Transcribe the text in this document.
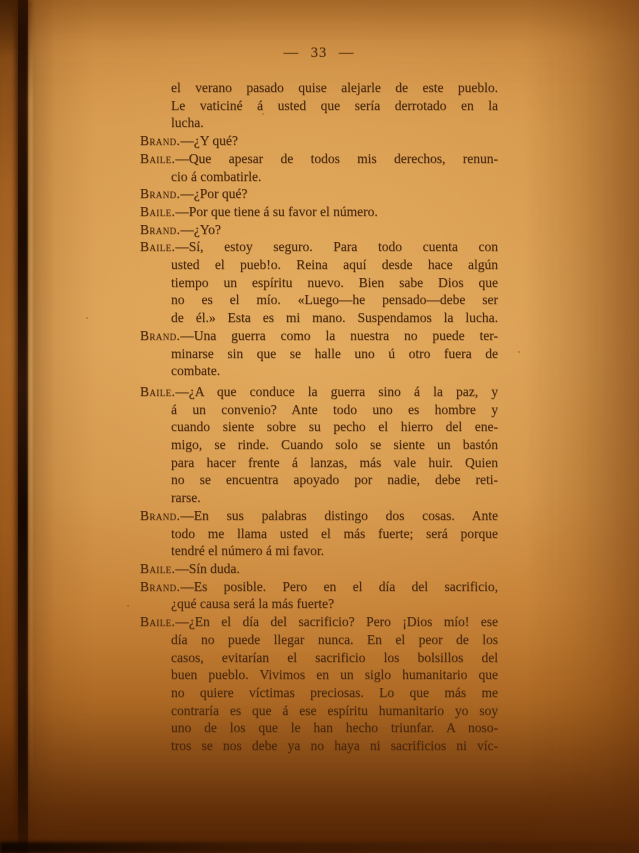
— 33 —
el verano pasado quise alejarle de este pueblo.
Le vaticiné á usted que sería derrotado en la
lucha.
Brand.—¿Y qué?
Baile.—Que apesar de todos mis derechos, renun-
cio á combatirle.
Brand.—¿Por qué?
Baile.—Por que tiene á su favor el número.
Brand.—¿Yo?
Baile.—Sí, estoy seguro. Para todo cuenta con
usted el pueb!o. Reina aquí desde hace algún
tiempo un espíritu nuevo. Bien sabe Dios que
no es el mío. «Luego—he pensado—debe ser
de él.» Esta es mi mano. Suspendamos la lucha.
Brand.—Una guerra como la nuestra no puede ter-
minarse sin que se halle uno ú otro fuera de
combate.
Baile.—¿A que conduce la guerra sino á la paz, y
á un convenio? Ante todo uno es hombre y
cuando siente sobre su pecho el hierro del ene-
migo, se rinde. Cuando solo se siente un bastón
para hacer frente á lanzas, más vale huir. Quien
no se encuentra apoyado por nadie, debe reti-
rarse.
Brand.—En sus palabras distingo dos cosas. Ante
todo me llama usted el más fuerte; será porque
tendré el número á mi favor.
Baile.—Sín duda.
Brand.—Es posible. Pero en el día del sacrificio,
¿qué causa será la más fuerte?
Baile.—¿En el día del sacrificio? Pero ¡Dios mío! ese
día no puede llegar nunca. En el peor de los
casos, evitarían el sacrificio los bolsillos del
buen pueblo. Vivimos en un siglo humanitario que
no quiere víctimas preciosas. Lo que más me
contraría es que á ese espíritu humanitario yo soy
uno de los que le han hecho triunfar. A noso-
tros se nos debe ya no haya ni sacrificios ni víc-
